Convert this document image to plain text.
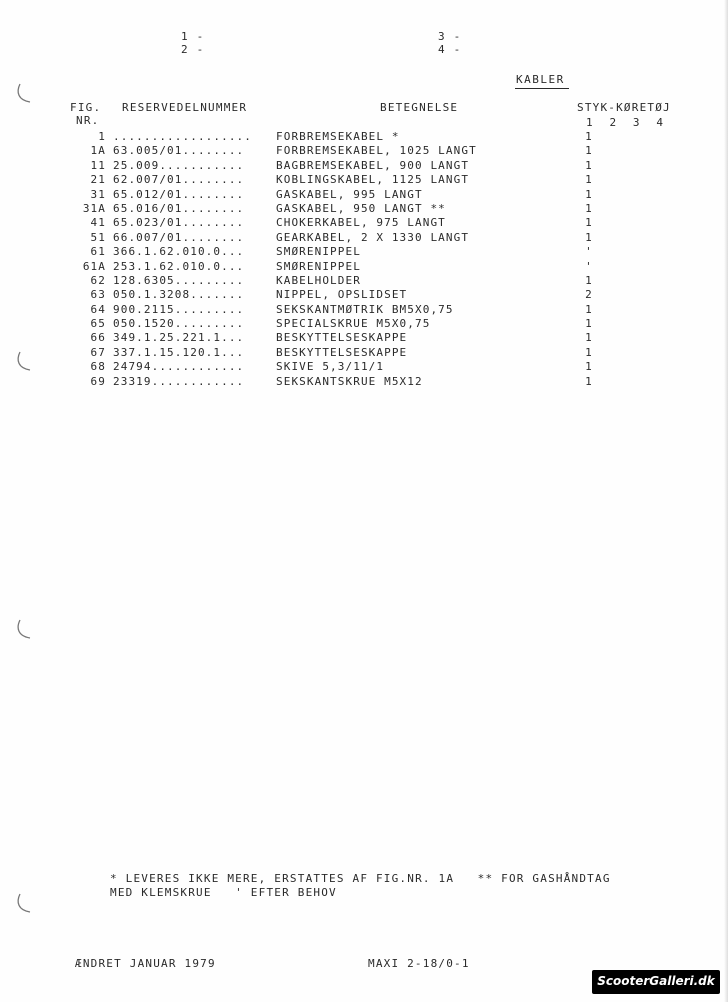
1 -
2 -
3 -
4 -
KABLER
FIG.
NR.
RESERVEDELNUMMER	BETEGNELSE	STYK-KØRETØJ
1  2  3  4
1 .................. FORBREMSEKABEL *	1
1A 63.005/01........	FORBREMSEKABEL, 1025 LANGT	1
11 25.009...........	BAGBREMSEKABEL, 900 LANGT	1
21 62.007/01........	KOBLINGSKABEL, 1125 LANGT	1
31 65.012/01........	GASKABEL, 995 LANGT	1
31A 65.016/01........	GASKABEL, 950 LANGT **	1
41 65.023/01........	CHOKERKABEL, 975 LANGT	1
51 66.007/01........	GEARKABEL, 2 X 1330 LANGT	1
61 366.1.62.010.0...	SMØRENIPPEL	'
61A 253.1.62.010.0...	SMØRENIPPEL	'
62 128.6305.........	KABELHOLDER	1
63 050.1.3208.......	NIPPEL, OPSLIDSET	2
64 900.2115.........	SEKSKANTMØTRIK BM5X0,75	1
65 050.1520.........	SPECIALSKRUE M5X0,75	1
66 349.1.25.221.1...	BESKYTTELSESKAPPE	1
67 337.1.15.120.1...	BESKYTTELSESKAPPE	1
68 24794............	SKIVE 5,3/11/1	1
69 23319............	SEKSKANTSKRUE M5X12	1
* LEVERES IKKE MERE, ERSTATTES AF FIG.NR. 1A   ** FOR GASHÅNDTAG
MED KLEMSKRUE   ' EFTER BEHOV
ÆNDRET JANUAR 1979	MAXI 2-18/0-1
ScooterGalleri.dk
